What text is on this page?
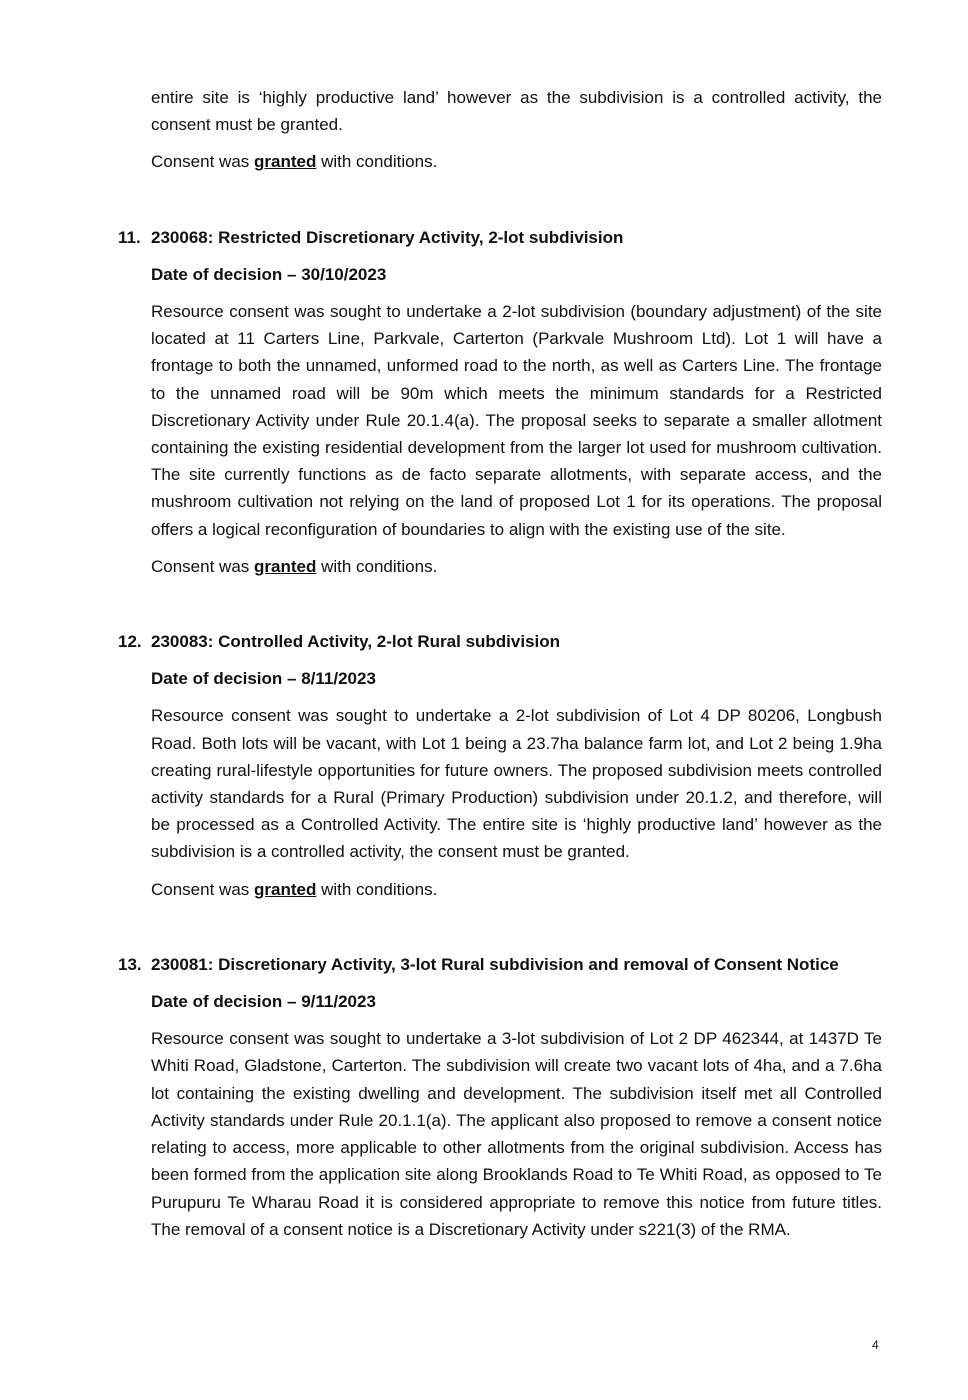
entire site is ‘highly productive land’ however as the subdivision is a controlled activity, the consent must be granted.

Consent was granted with conditions.

11. 230068: Restricted Discretionary Activity, 2-lot subdivision

Date of decision – 30/10/2023

Resource consent was sought to undertake a 2-lot subdivision (boundary adjustment) of the site located at 11 Carters Line, Parkvale, Carterton (Parkvale Mushroom Ltd). Lot 1 will have a frontage to both the unnamed, unformed road to the north, as well as Carters Line. The frontage to the unnamed road will be 90m which meets the minimum standards for a Restricted Discretionary Activity under Rule 20.1.4(a). The proposal seeks to separate a smaller allotment containing the existing residential development from the larger lot used for mushroom cultivation. The site currently functions as de facto separate allotments, with separate access, and the mushroom cultivation not relying on the land of proposed Lot 1 for its operations. The proposal offers a logical reconfiguration of boundaries to align with the existing use of the site.

Consent was granted with conditions.

12. 230083: Controlled Activity, 2-lot Rural subdivision

Date of decision – 8/11/2023

Resource consent was sought to undertake a 2-lot subdivision of Lot 4 DP 80206, Longbush Road. Both lots will be vacant, with Lot 1 being a 23.7ha balance farm lot, and Lot 2 being 1.9ha creating rural-lifestyle opportunities for future owners. The proposed subdivision meets controlled activity standards for a Rural (Primary Production) subdivision under 20.1.2, and therefore, will be processed as a Controlled Activity. The entire site is ‘highly productive land’ however as the subdivision is a controlled activity, the consent must be granted.

Consent was granted with conditions.

13. 230081: Discretionary Activity, 3-lot Rural subdivision and removal of Consent Notice

Date of decision – 9/11/2023

Resource consent was sought to undertake a 3-lot subdivision of Lot 2 DP 462344, at 1437D Te Whiti Road, Gladstone, Carterton. The subdivision will create two vacant lots of 4ha, and a 7.6ha lot containing the existing dwelling and development. The subdivision itself met all Controlled Activity standards under Rule 20.1.1(a). The applicant also proposed to remove a consent notice relating to access, more applicable to other allotments from the original subdivision. Access has been formed from the application site along Brooklands Road to Te Whiti Road, as opposed to Te Purupuru Te Wharau Road it is considered appropriate to remove this notice from future titles. The removal of a consent notice is a Discretionary Activity under s221(3) of the RMA.

4
